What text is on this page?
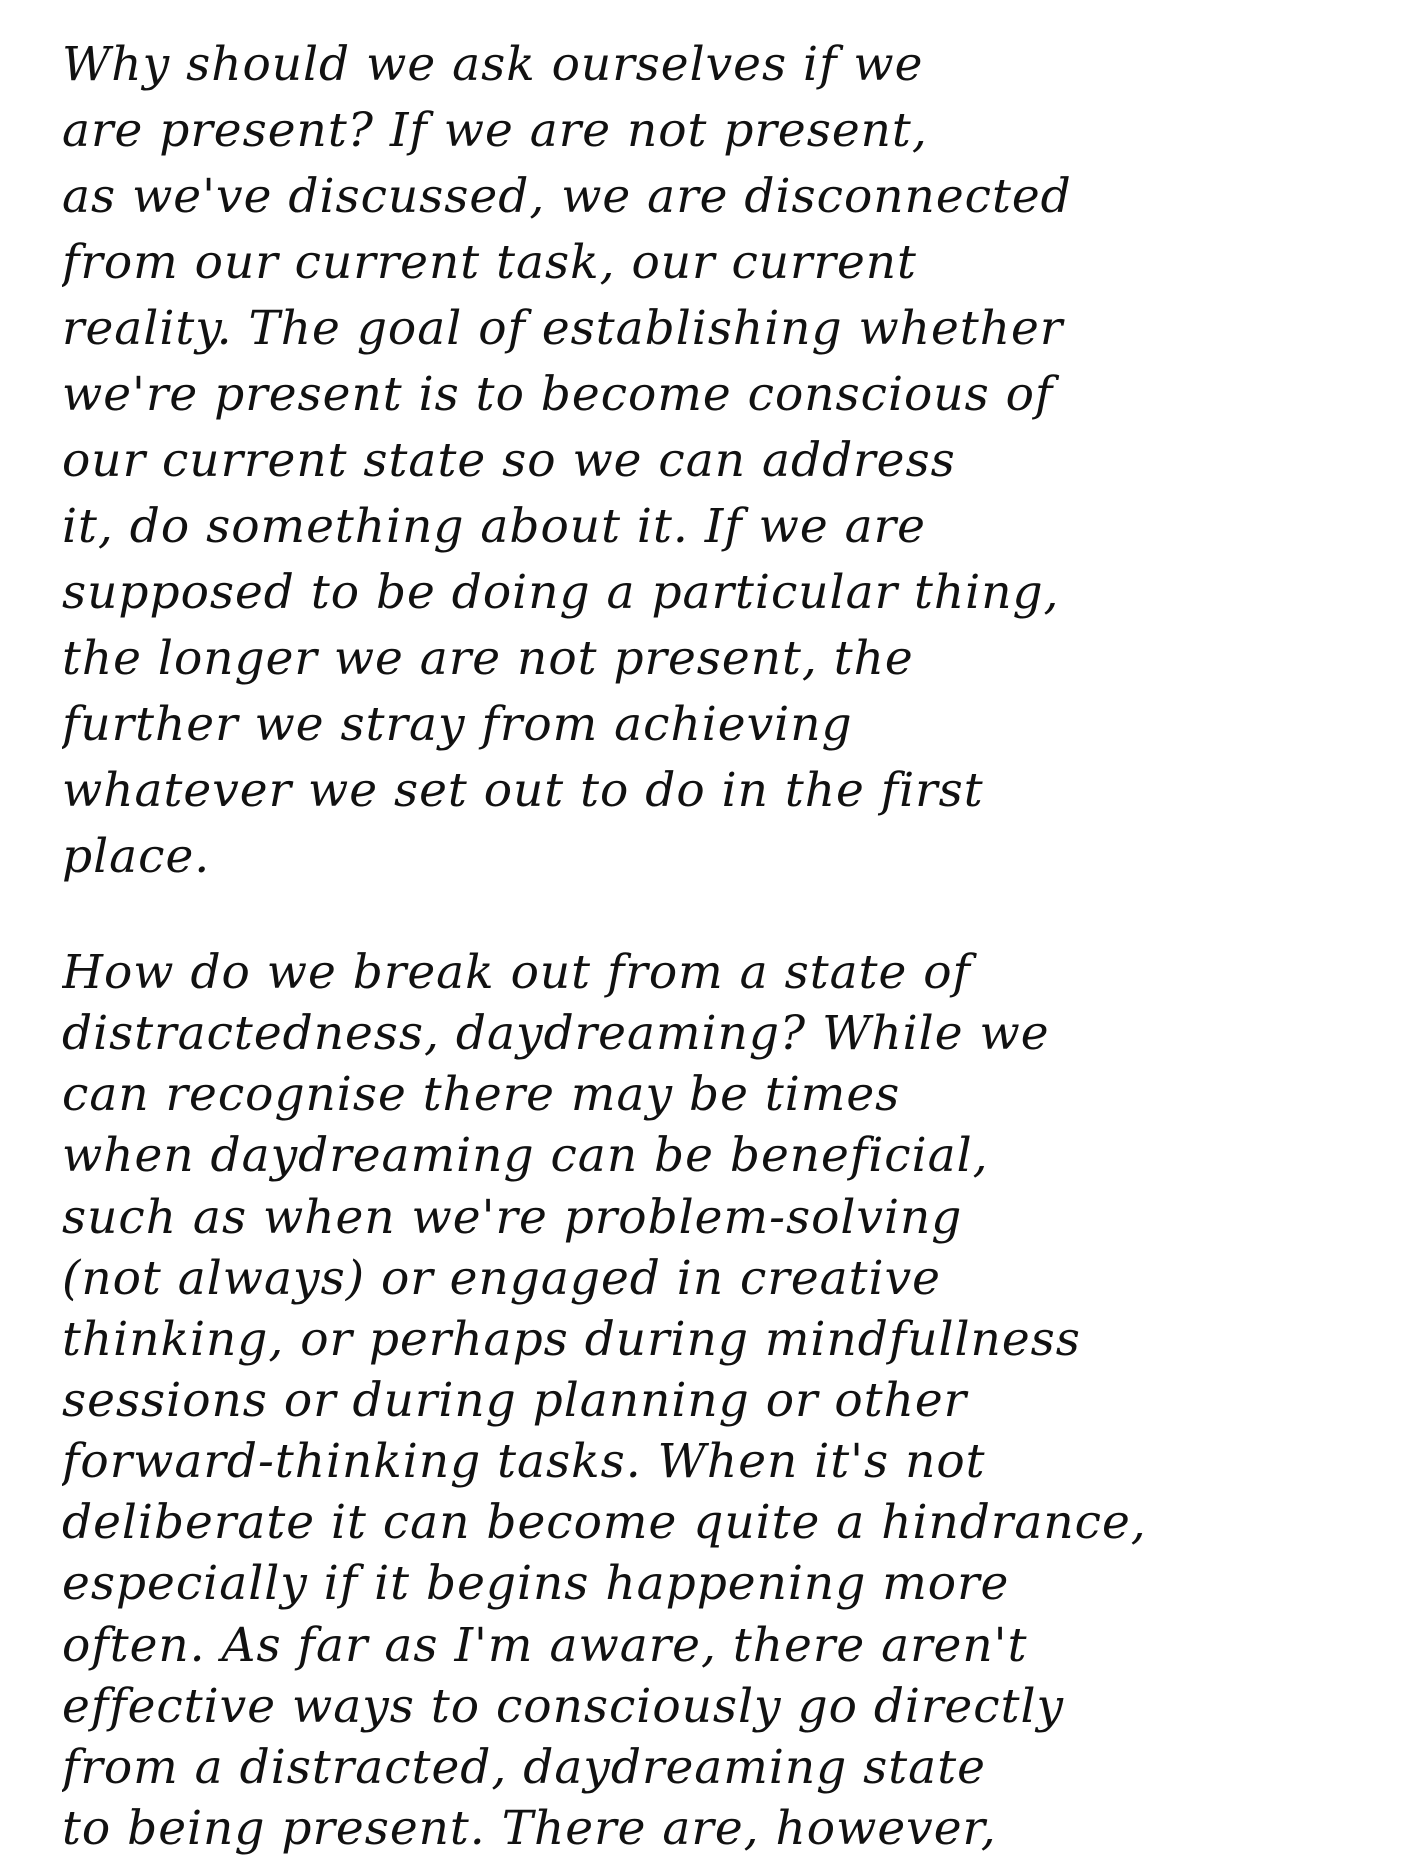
Why should we ask ourselves if we
are present? If we are not present,
as we've discussed, we are disconnected
from our current task, our current
reality. The goal of establishing whether
we're present is to become conscious of
our current state so we can address
it, do something about it. If we are
supposed to be doing a particular thing,
the longer we are not present, the
further we stray from achieving
whatever we set out to do in the first
place.
How do we break out from a state of
distractedness, daydreaming? While we
can recognise there may be times
when daydreaming can be beneficial,
such as when we're problem-solving
(not always) or engaged in creative
thinking, or perhaps during mindfullness
sessions or during planning or other
forward-thinking tasks. When it's not
deliberate it can become quite a hindrance,
especially if it begins happening more
often. As far as I'm aware, there aren't
effective ways to consciously go directly
from a distracted, daydreaming state
to being present. There are, however,
